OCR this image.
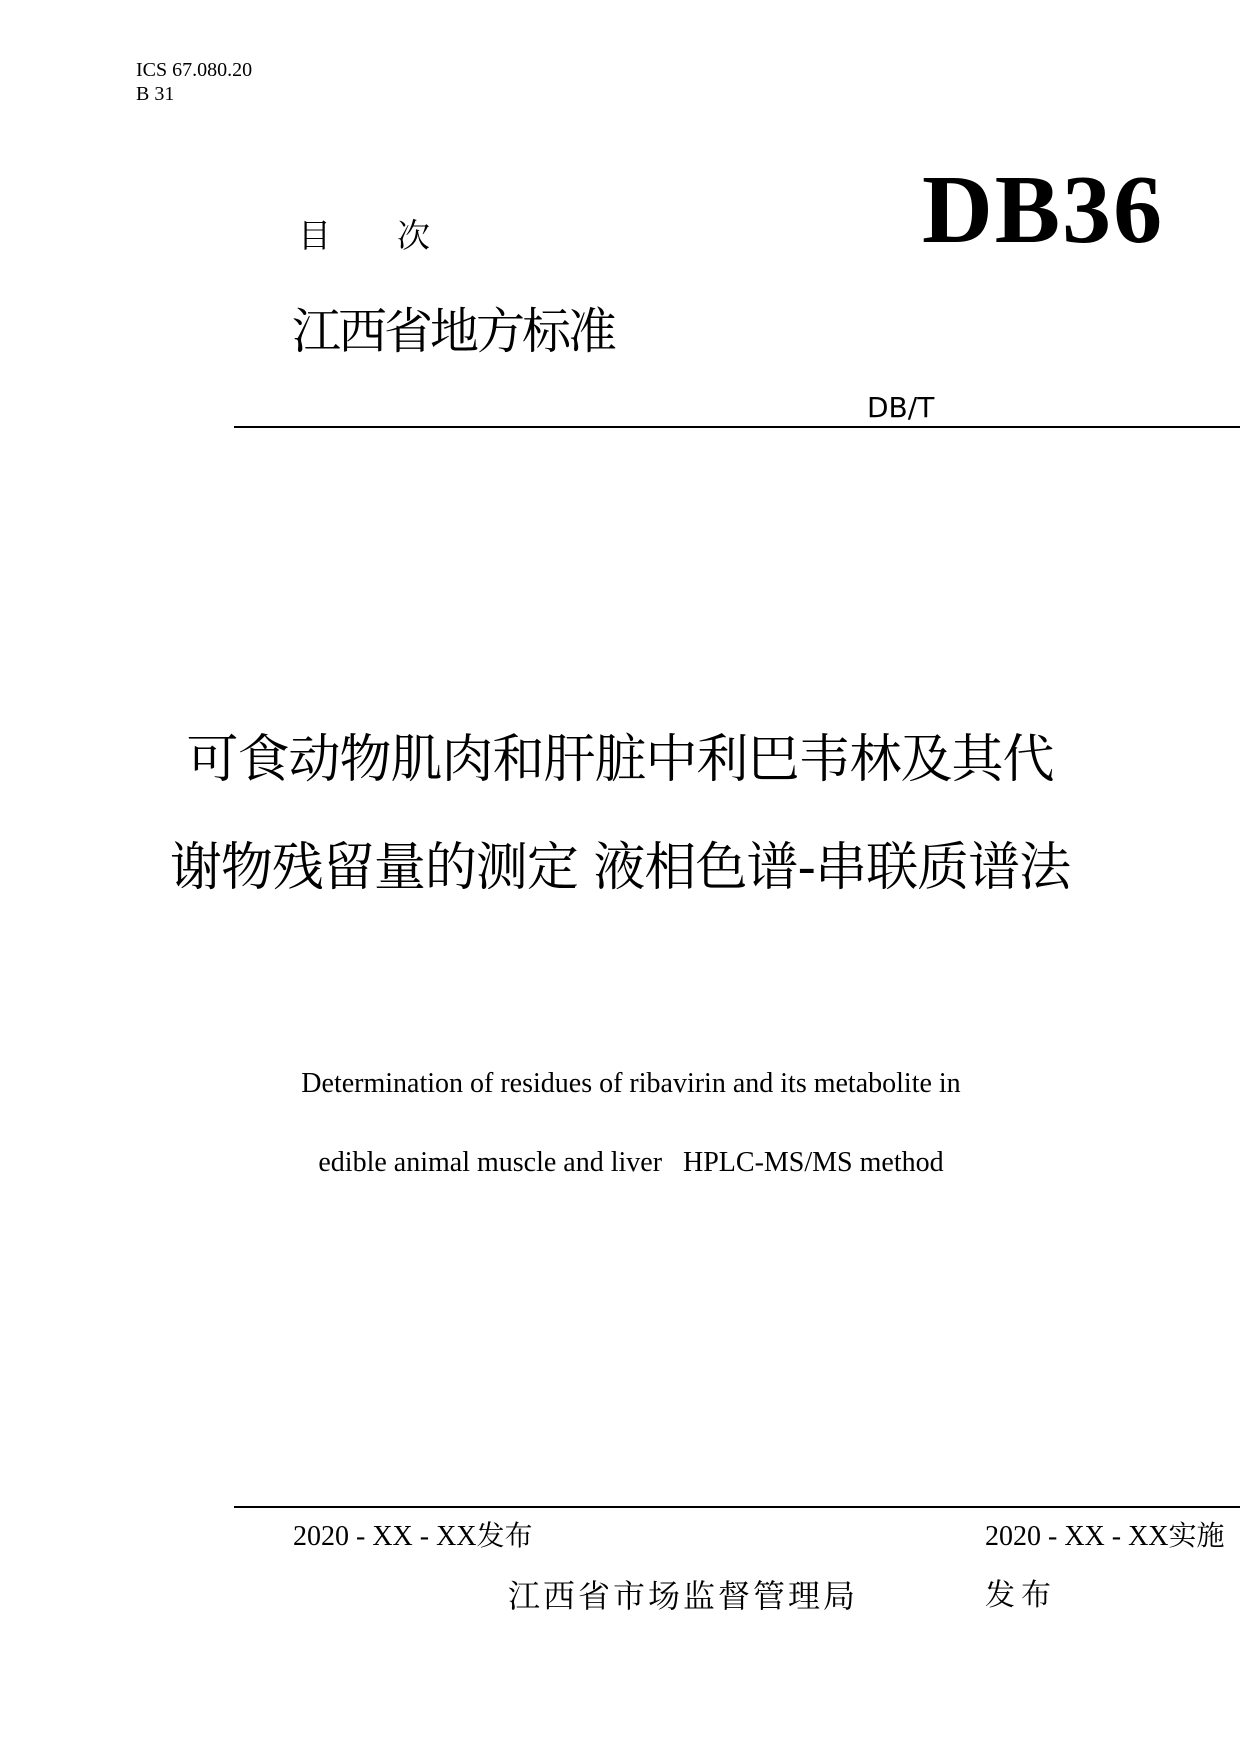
ICS 67.080.20
B 31
DB36
目 次
江西省地方标准
DB/T
可食动物肌肉和肝脏中利巴韦林及其代
谢物残留量的测定 液相色谱-串联质谱法
Determination of residues of ribavirin and its metabolite in
edible animal muscle and liver   HPLC-MS/MS method
2020 - XX - XX发布	2020 - XX - XX实施
江西省市场监督管理局	发布
